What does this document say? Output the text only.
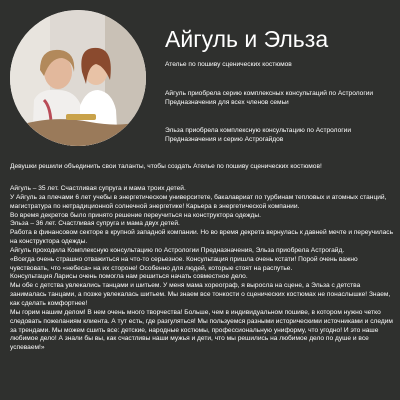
Айгуль и Эльза
Ателье по пошиву сценических костюмов
Айгуль приобрела серию комплексных консультаций по Астрологии Предназначения для всех членов семьи
Эльза приобрела комплексную консультацию по Астрологии Предназначения и серию Астрогайдов
Девушки решили объединить свои таланты, чтобы создать Ателье по пошиву сценических костюмов!

Айгуль – 35 лет. Счастливая супруга и мама троих детей.

У Айгуль за плечами 6 лет учебы в энергетическом университете, бакалавриат по турбинам тепловых и атомных станций, магистратура по нетрадиционной солнечной энергетике! Карьера в энергетической компании.

Во время декретов было принято решение переучиться на конструктора одежды.

Эльза – 36 лет. Счастливая супруга и мама двух детей.

Работа в финансовом секторе в крупной западной компании. Но во время декрета вернулась к давней мечте и переучилась на конструктора одежды.

Айгуль проходила Комплексную консультацию по Астрологии Предназначения, Эльза приобрела Астрогайд.

«Всегда очень страшно отважиться на что-то серьезное. Консультация пришла очень кстати! Порой очень важно чувствовать, что «небеса» на их стороне! Особенно для людей, которые стоят на распутье.

Консультация Ларисы очень помогла нам решиться начать совместное дело.

Мы обе с детства увлекались танцами и шитьем. У меня мама хореограф, я выросла на сцене, а Эльза с детства занималась танцами, а позже увлекалась шитьем. Мы знаем все тонкости о сценических костюмах не понаслышке! Знаем, как сделать комфортнее!

Мы горим нашим делом! В нем очень много творчества! Больше, чем в индивидуальном пошиве, в котором нужно четко следовать пожеланиям клиента. А тут есть, где разгуляться! Мы пользуемся разными историческими источниками и следим за трендами. Мы можем сшить все: детские, народные костюмы, профессиональную униформу, что угодно! И это наше любимое дело! А знали бы вы, как счастливы наши мужья и дети, что мы решились на любимое дело по душе и все успеваем!»
